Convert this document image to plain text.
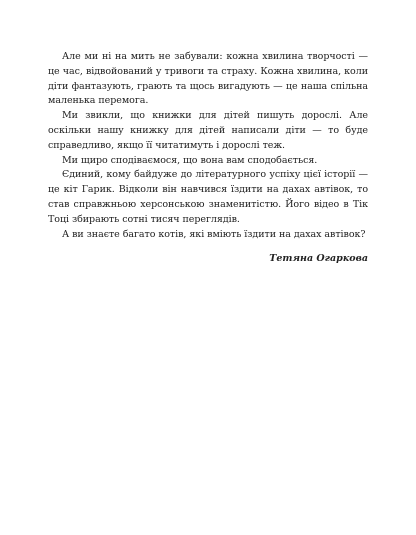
Але ми ні на мить не забували: кожна хвилина творчості — це час, відвойований у тривоги та страху. Кожна хвилина, коли діти фантазують, грають та щось вигадують — це наша спільна маленька перемога.

Ми звикли, що книжки для дітей пишуть дорослі. Але оскільки нашу книжку для дітей написали діти — то буде справедливо, якщо її читатимуть і дорослі теж.

Ми щиро сподіваємося, що вона вам сподобається.

Єдиний, кому байдуже до літературного успіху цієї історії — це кіт Гарик. Відколи він навчився їздити на дахах автівок, то став справжньою херсонською знаменитістю. Його відео в Тік Тоці збирають сотні тисяч переглядів.

А ви знаєте багато котів, які вміють їздити на дахах автівок?

Тетяна Огаркова
